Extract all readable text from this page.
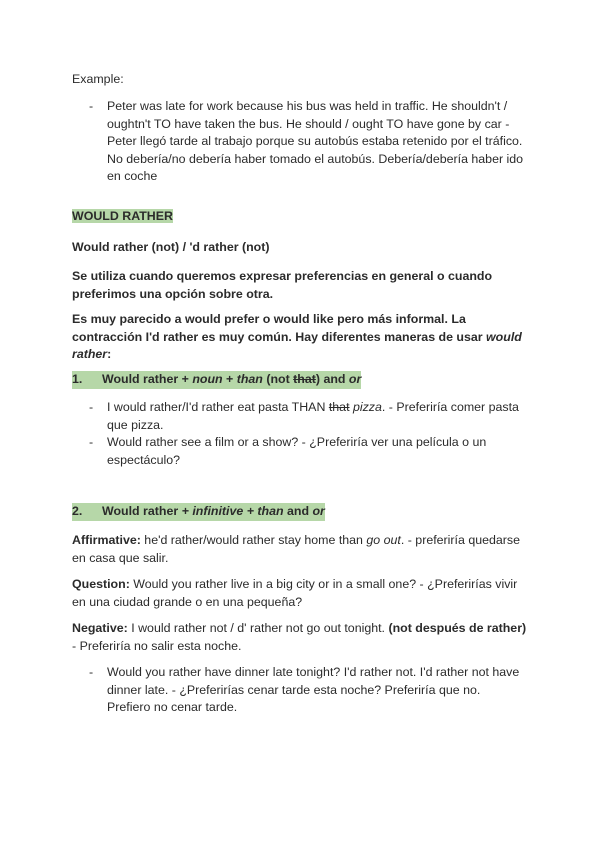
Example:

- Peter was late for work because his bus was held in traffic. He shouldn't / oughtn't TO have taken the bus. He should / ought TO have gone by car - Peter llegó tarde al trabajo porque su autobús estaba retenido por el tráfico. No debería/no debería haber tomado el autobús. Debería/debería haber ido en coche

WOULD RATHER

Would rather (not) / 'd rather (not)

Se utiliza cuando queremos expresar preferencias en general o cuando preferimos una opción sobre otra.

Es muy parecido a would prefer o would like pero más informal. La contracción I'd rather es muy común. Hay diferentes maneras de usar would rather:

1. Would rather + noun + than (not that) and or

- I would rather/I'd rather eat pasta THAN that pizza. - Preferiría comer pasta que pizza.
- Would rather see a film or a show? - ¿Preferiría ver una película o un espectáculo?

2. Would rather + infinitive + than and or

Affirmative: he'd rather/would rather stay home than go out. - preferiría quedarse en casa que salir.

Question: Would you rather live in a big city or in a small one? - ¿Preferirías vivir en una ciudad grande o en una pequeña?

Negative: I would rather not / d' rather not go out tonight. (not después de rather) - Preferiría no salir esta noche.

- Would you rather have dinner late tonight? I'd rather not. I'd rather not have dinner late. - ¿Preferirías cenar tarde esta noche? Preferiría que no. Prefiero no cenar tarde.
